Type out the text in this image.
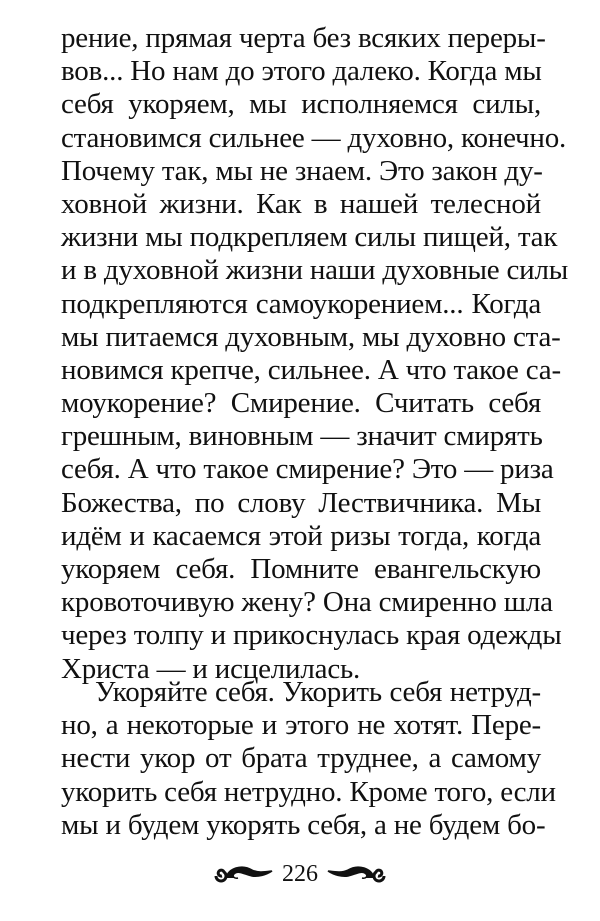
рение, прямая черта без всяких переры-
вов... Но нам до этого далеко. Когда мы
себя укоряем, мы исполняемся силы,
становимся сильнее — духовно, конечно.
Почему так, мы не знаем. Это закон ду-
ховной жизни. Как в нашей телесной
жизни мы подкрепляем силы пищей, так
и в духовной жизни наши духовные силы
подкрепляются самоукорением... Когда
мы питаемся духовным, мы духовно ста-
новимся крепче, сильнее. А что такое са-
моукорение? Смирение. Считать себя
грешным, виновным — значит смирять
себя. А что такое смирение? Это — риза
Божества, по слову Лествичника. Мы
идём и касаемся этой ризы тогда, когда
укоряем себя. Помните евангельскую
кровоточивую жену? Она смиренно шла
через толпу и прикоснулась края одежды
Христа — и исцелилась.
Укоряйте себя. Укорить себя нетруд-
но, а некоторые и этого не хотят. Пере-
нести укор от брата труднее, а самому
укорить себя нетрудно. Кроме того, если
мы и будем укорять себя, а не будем бо-
226
